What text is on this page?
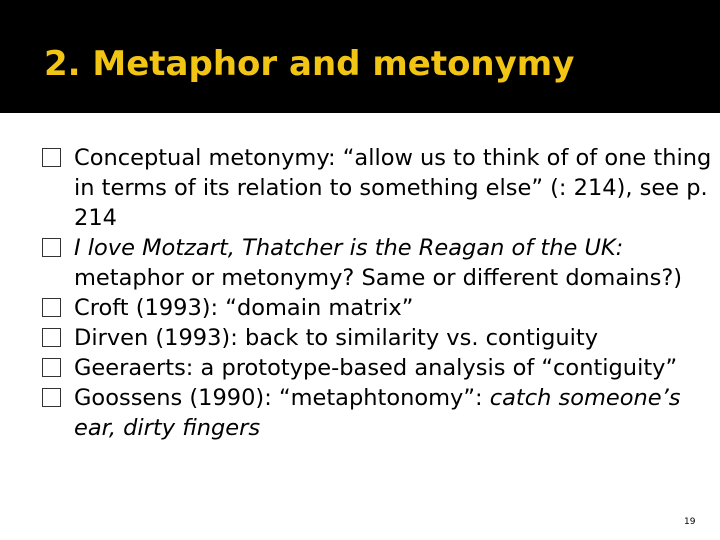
2. Metaphor and metonymy
Conceptual metonymy: “allow us to think of of one thing in terms of its relation to something else” (: 214), see p. 214
I love Motzart, Thatcher is the Reagan of the UK: metaphor or metonymy? Same or different domains?)
Croft (1993): “domain matrix”
Dirven (1993): back to similarity vs. contiguity
Geeraerts: a prototype-based analysis of “contiguity”
Goossens (1990): “metaphtonomy”: catch someone’s ear, dirty fingers
19
